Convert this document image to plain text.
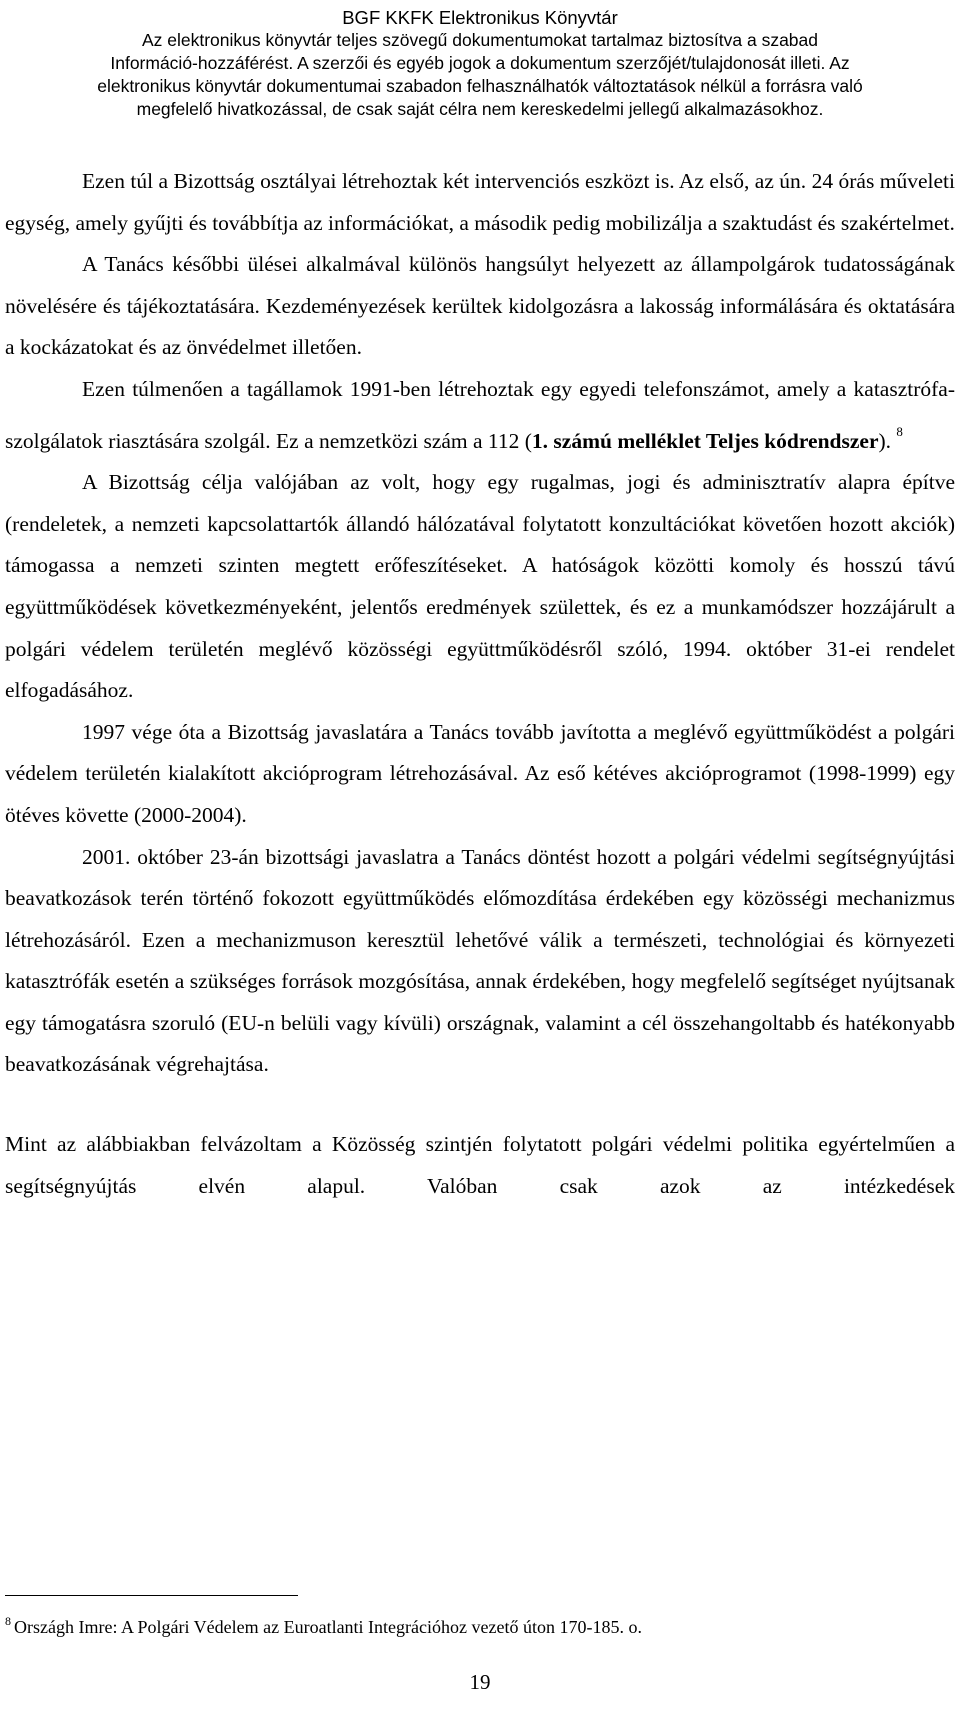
BGF KKFK Elektronikus Könyvtár
Az elektronikus könyvtár teljes szövegű dokumentumokat tartalmaz biztosítva a szabad
Információ-hozzáférést. A szerzői és egyéb jogok a dokumentum szerzőjét/tulajdonosát illeti. Az
elektronikus könyvtár dokumentumai szabadon felhasználhatók változtatások nélkül a forrásra való
megfelelő hivatkozással, de csak saját célra nem kereskedelmi jellegű alkalmazásokhoz.

Ezen túl a Bizottság osztályai létrehoztak két intervenciós eszközt is. Az első, az ún. 24 órás műveleti egység, amely gyűjti és továbbítja az információkat, a második pedig mobilizálja a szaktudást és szakértelmet.

A Tanács későbbi ülései alkalmával különös hangsúlyt helyezett az állampolgárok tudatosságának növelésére és tájékoztatására. Kezdeményezések kerültek kidolgozásra a lakosság informálására és oktatására a kockázatokat és az önvédelmet illetően.

Ezen túlmenően a tagállamok 1991-ben létrehoztak egy egyedi telefonszámot, amely a katasztrófa-szolgálatok riasztására szolgál. Ez a nemzetközi szám a 112 (1. számú melléklet Teljes kódrendszer). $^8$

A Bizottság célja valójában az volt, hogy egy rugalmas, jogi és adminisztratív alapra építve (rendeletek, a nemzeti kapcsolattartók állandó hálózatával folytatott konzultációkat követően hozott akciók) támogassa a nemzeti szinten megtett erőfeszítéseket. A hatóságok közötti komoly és hosszú távú együttműködések következményeként, jelentős eredmények születtek, és ez a munkamódszer hozzájárult a polgári védelem területén meglévő közösségi együttműködésről szóló, 1994. október 31-ei rendelet elfogadásához.

1997 vége óta a Bizottság javaslatára a Tanács tovább javította a meglévő együttműködést a polgári védelem területén kialakított akcióprogram létrehozásával. Az eső kétéves akcióprogramot (1998-1999) egy ötéves követte (2000-2004).

2001. október 23-án bizottsági javaslatra a Tanács döntést hozott a polgári védelmi segítségnyújtási beavatkozások terén történő fokozott együttműködés előmozdítása érdekében egy közösségi mechanizmus létrehozásáról. Ezen a mechanizmuson keresztül lehetővé válik a természeti, technológiai és környezeti katasztrófák esetén a szükséges források mozgósítása, annak érdekében, hogy megfelelő segítséget nyújtsanak egy támogatásra szoruló (EU-n belüli vagy kívüli) országnak, valamint a cél összehangoltabb és hatékonyabb beavatkozásának végrehajtása.

Mint az alábbiakban felvázoltam a Közösség szintjén folytatott polgári védelmi politika egyértelműen a segítségnyújtás elvén alapul. Valóban csak azok az intézkedések

$^8$ Országh Imre: A Polgári Védelem az Euroatlanti Integrációhoz vezető úton 170-185. o.
19
